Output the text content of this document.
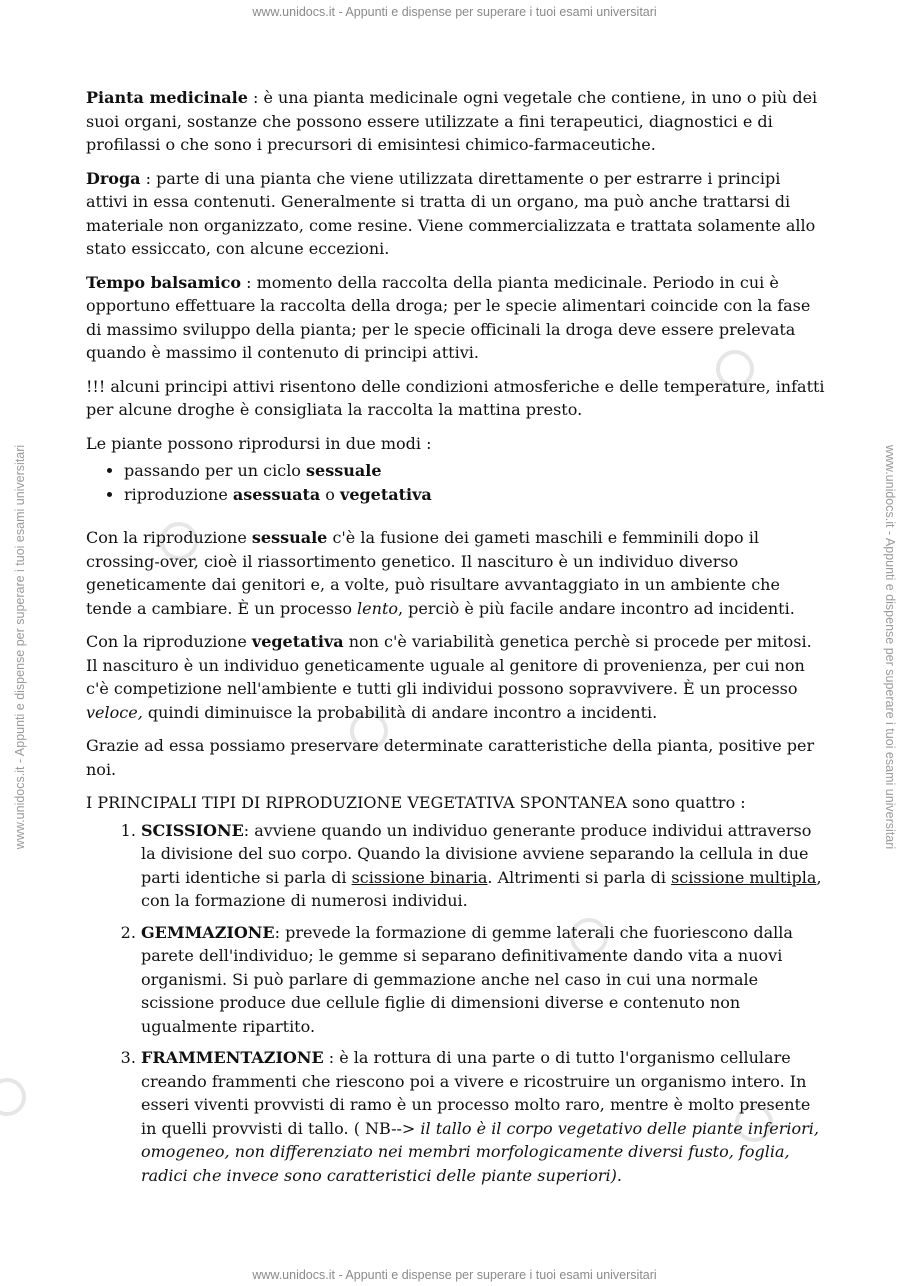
www.unidocs.it - Appunti e dispense per superare i tuoi esami universitari
www.unidocs.it - Appunti e dispense per superare i tuoi esami universitari
www.unidocs.it - Appunti e dispense per superare i tuoi esami universitari	www.unidocs.it - Appunti e dispense per superare i tuoi esami universitari

Pianta medicinale : è una pianta medicinale ogni vegetale che contiene, in uno o più dei suoi organi, sostanze che possono essere utilizzate a fini terapeutici, diagnostici e di profilassi o che sono i precursori di emisintesi chimico-farmaceutiche.

Droga : parte di una pianta che viene utilizzata direttamente o per estrarre i principi attivi in essa contenuti. Generalmente si tratta di un organo, ma può anche trattarsi di materiale non organizzato, come resine. Viene commercializzata e trattata solamente allo stato essiccato, con alcune eccezioni.

Tempo balsamico : momento della raccolta della pianta medicinale. Periodo in cui è opportuno effettuare la raccolta della droga; per le specie alimentari coincide con la fase di massimo sviluppo della pianta; per le specie officinali la droga deve essere prelevata quando è massimo il contenuto di principi attivi.

!!! alcuni principi attivi risentono delle condizioni atmosferiche e delle temperature, infatti per alcune droghe è consigliata la raccolta la mattina presto.

Le piante possono riprodursi in due modi :

• passando per un ciclo sessuale
• riproduzione asessuata o vegetativa

Con la riproduzione sessuale c'è la fusione dei gameti maschili e femminili dopo il crossing-over, cioè il riassortimento genetico. Il nascituro è un individuo diverso geneticamente dai genitori e, a volte, può risultare avvantaggiato in un ambiente che tende a cambiare. È un processo lento, perciò è più facile andare incontro ad incidenti.

Con la riproduzione vegetativa non c'è variabilità genetica perchè si procede per mitosi. Il nascituro è un individuo geneticamente uguale al genitore di provenienza, per cui non c'è competizione nell'ambiente e tutti gli individui possono sopravvivere. È un processo veloce, quindi diminuisce la probabilità di andare incontro a incidenti.

Grazie ad essa possiamo preservare determinate caratteristiche della pianta, positive per noi.

I PRINCIPALI TIPI DI RIPRODUZIONE VEGETATIVA SPONTANEA sono quattro :

1. SCISSIONE: avviene quando un individuo generante produce individui attraverso la divisione del suo corpo. Quando la divisione avviene separando la cellula in due parti identiche si parla di scissione binaria. Altrimenti si parla di scissione multipla, con la formazione di numerosi individui.
2. GEMMAZIONE: prevede la formazione di gemme laterali che fuoriescono dalla parete dell'individuo; le gemme si separano definitivamente dando vita a nuovi organismi. Si può parlare di gemmazione anche nel caso in cui una normale scissione produce due cellule figlie di dimensioni diverse e contenuto non ugualmente ripartito.
3. FRAMMENTAZIONE : è la rottura di una parte o di tutto l'organismo cellulare creando frammenti che riescono poi a vivere e ricostruire un organismo intero. In esseri viventi provvisti di ramo è un processo molto raro, mentre è molto presente in quelli provvisti di tallo. ( NB--> il tallo è il corpo vegetativo delle piante inferiori, omogeneo, non differenziato nei membri morfologicamente diversi fusto, foglia, radici che invece sono caratteristici delle piante superiori).
